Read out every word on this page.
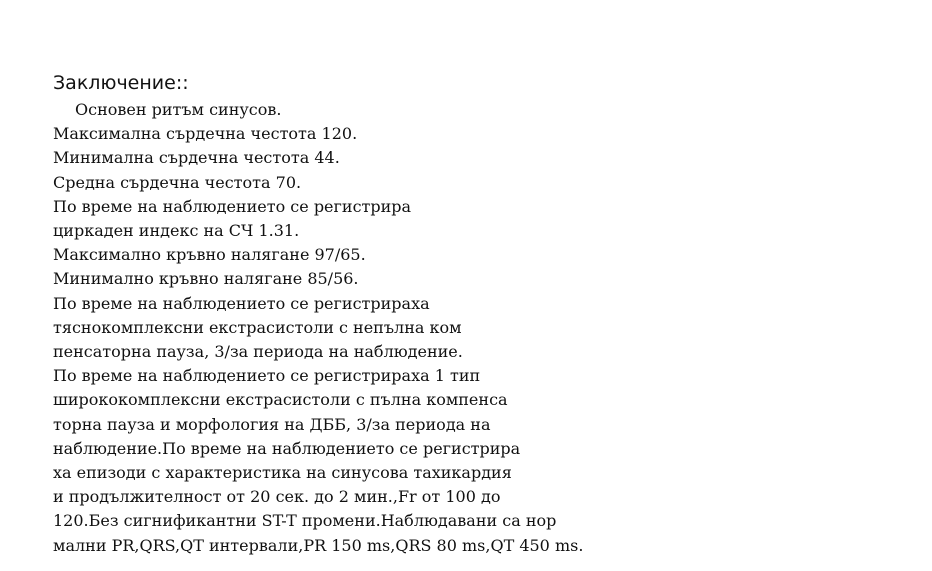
Заключение::
Основен ритъм синусов.
Максимална сърдечна честота 120.
Минимална сърдечна честота 44.
Средна сърдечна честота 70.
По време на наблюдението се регистрира
циркаден индекс на СЧ 1.31.
Максимално кръвно налягане 97/65.
Минимално кръвно налягане 85/56.
По време на наблюдението се регистрираха
тяснокомплексни екстрасистоли с непълна ком
пенсаторна пауза, 3/за периода на наблюдение.
По време на наблюдението се регистрираха 1 тип
ширококомплексни екстрасистоли с пълна компенса
торна пауза и морфология на ДББ, 3/за периода на
наблюдение.По време на наблюдението се регистрира
ха епизоди с характеристика на синусова тахикардия
и продължителност от 20 сек. до 2 мин.,Fr от 100 до
120.Без сигнификантни ST-T промени.Наблюдавани са нор
мални PR,QRS,QT интервали,PR 150 ms,QRS 80 ms,QT 450 ms.
